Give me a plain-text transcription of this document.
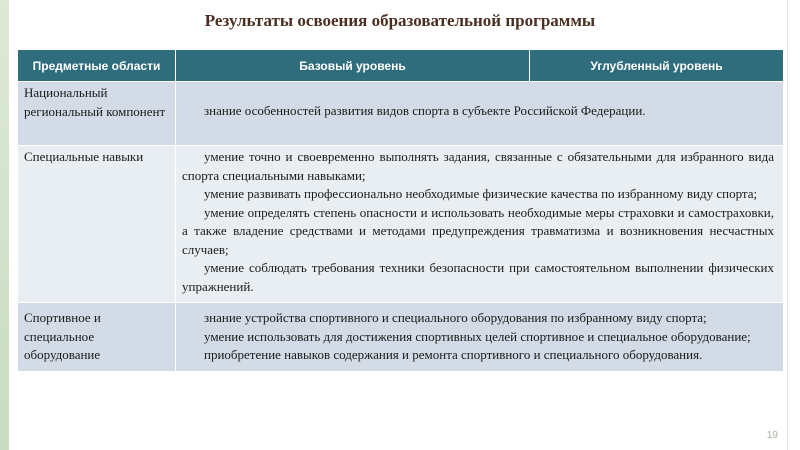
Результаты освоения образовательной программы
Предметные области	Базовый уровень	Углубленный уровень
Национальный региональный компонент	знание особенностей развития видов спорта в субъекте Российской Федерации.	

Специальные навыки	умение точно и своевременно выполнять задания, связанные с обязательными для избранного вида спорта специальными навыками;

умение развивать профессионально необходимые физические качества по избранному виду спорта;

умение определять степень опасности и использовать необходимые меры страховки и самостраховки, а также владение средствами и методами предупреждения травматизма и возникновения несчастных случаев;

умение соблюдать требования техники безопасности при самостоятельном выполнении физических упражнений.	

Спортивное и специальное оборудование	знание устройства спортивного и специального оборудования по избранному виду спорта;

умение использовать для достижения спортивных целей спортивное и специальное оборудование;

приобретение навыков содержания и ремонта спортивного и специального оборудования.	

19
